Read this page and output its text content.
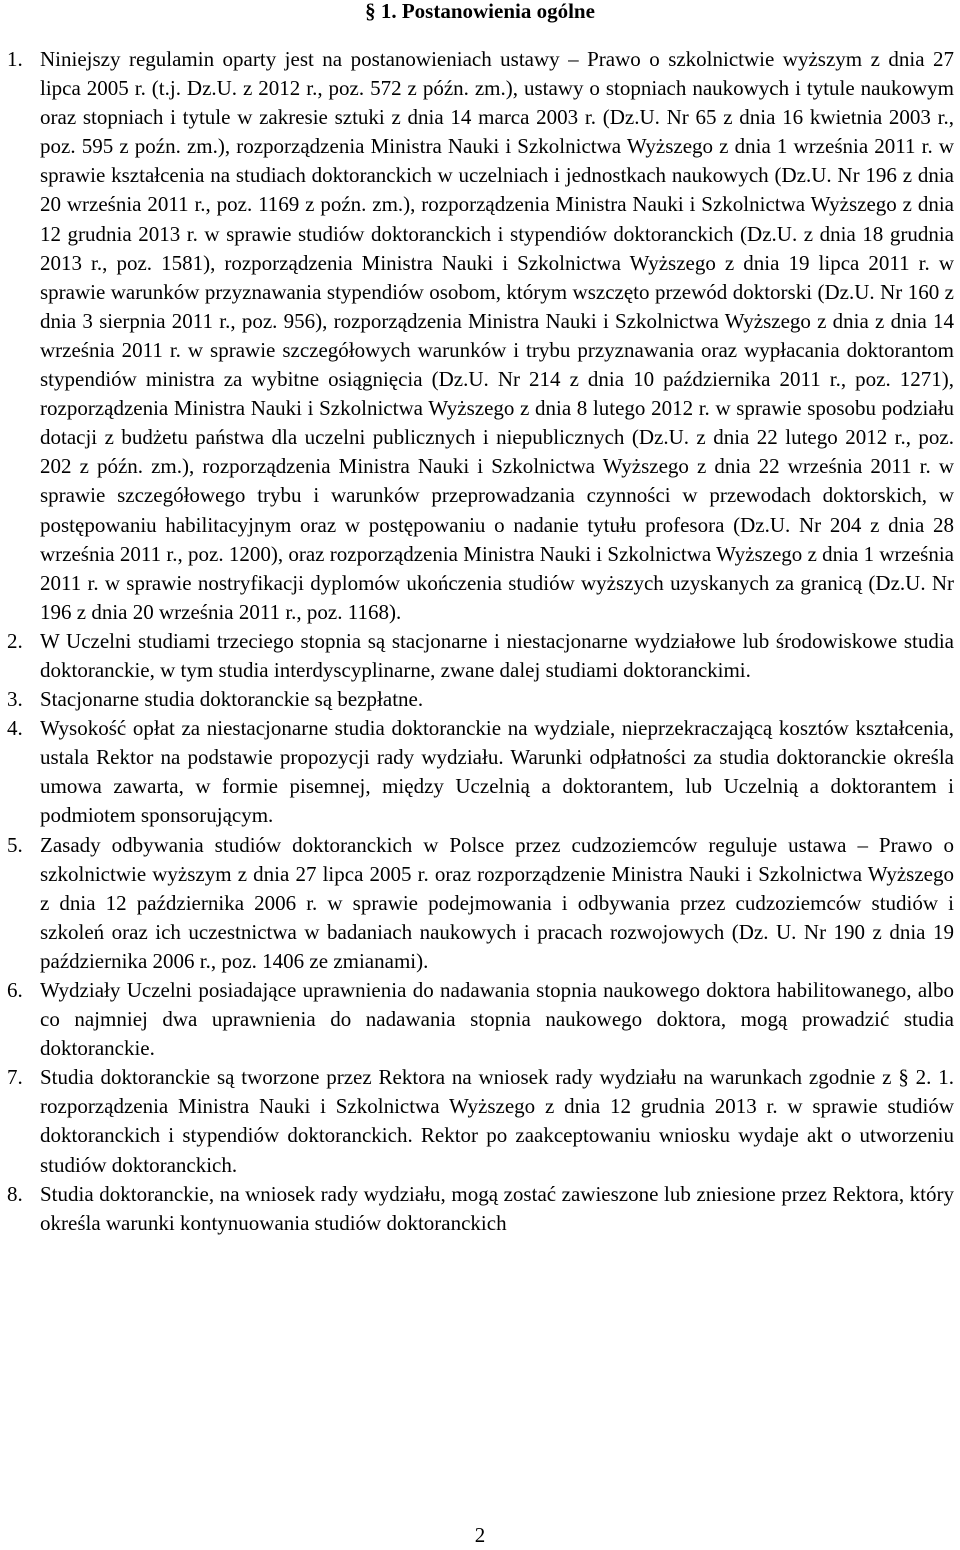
§ 1. Postanowienia ogólne
1. Niniejszy regulamin oparty jest na postanowieniach ustawy – Prawo o szkolnictwie wyższym z dnia 27 lipca 2005 r. (t.j. Dz.U. z 2012 r., poz. 572 z późn. zm.), ustawy o stopniach naukowych i tytule naukowym oraz stopniach i tytule w zakresie sztuki z dnia 14 marca 2003 r. (Dz.U. Nr 65 z dnia 16 kwietnia 2003 r., poz. 595 z poźn. zm.), rozporządzenia Ministra Nauki i Szkolnictwa Wyższego z dnia 1 września 2011 r. w sprawie kształcenia na studiach doktoranckich w uczelniach i jednostkach naukowych (Dz.U. Nr 196 z dnia 20 września 2011 r., poz. 1169 z poźn. zm.), rozporządzenia Ministra Nauki i Szkolnictwa Wyższego z dnia 12 grudnia 2013 r. w sprawie studiów doktoranckich i stypendiów doktoranckich (Dz.U. z dnia 18 grudnia 2013 r., poz. 1581), rozporządzenia Ministra Nauki i Szkolnictwa Wyższego z dnia 19 lipca 2011 r. w sprawie warunków przyznawania stypendiów osobom, którym wszczęto przewód doktorski (Dz.U. Nr 160 z dnia 3 sierpnia 2011 r., poz. 956), rozporządzenia Ministra Nauki i Szkolnictwa Wyższego z dnia z dnia 14 września 2011 r. w sprawie szczegółowych warunków i trybu przyznawania oraz wypłacania doktorantom stypendiów ministra za wybitne osiągnięcia (Dz.U. Nr 214 z dnia 10 października 2011 r., poz. 1271), rozporządzenia Ministra Nauki i Szkolnictwa Wyższego z dnia 8 lutego 2012 r. w sprawie sposobu podziału dotacji z budżetu państwa dla uczelni publicznych i niepublicznych (Dz.U. z dnia 22 lutego 2012 r., poz. 202 z późn. zm.), rozporządzenia Ministra Nauki i Szkolnictwa Wyższego z dnia 22 września 2011 r. w sprawie szczegółowego trybu i warunków przeprowadzania czynności w przewodach doktorskich, w postępowaniu habilitacyjnym oraz w postępowaniu o nadanie tytułu profesora (Dz.U. Nr 204 z dnia 28 września 2011 r., poz. 1200), oraz rozporządzenia Ministra Nauki i Szkolnictwa Wyższego z dnia 1 września 2011 r. w sprawie nostryfikacji dyplomów ukończenia studiów wyższych uzyskanych za granicą (Dz.U. Nr 196 z dnia 20 września 2011 r., poz. 1168).
2. W Uczelni studiami trzeciego stopnia są stacjonarne i niestacjonarne wydziałowe lub środowiskowe studia doktoranckie, w tym studia interdyscyplinarne, zwane dalej studiami doktoranckimi.
3. Stacjonarne studia doktoranckie są bezpłatne.
4. Wysokość opłat za niestacjonarne studia doktoranckie na wydziale, nieprzekraczającą kosztów kształcenia, ustala Rektor na podstawie propozycji rady wydziału. Warunki odpłatności za studia doktoranckie określa umowa zawarta, w formie pisemnej, między Uczelnią a doktorantem, lub Uczelnią a doktorantem i podmiotem sponsorującym.
5. Zasady odbywania studiów doktoranckich w Polsce przez cudzoziemców reguluje ustawa – Prawo o szkolnictwie wyższym z dnia 27 lipca 2005 r. oraz rozporządzenie Ministra Nauki i Szkolnictwa Wyższego z dnia 12 października 2006 r. w sprawie podejmowania i odbywania przez cudzoziemców studiów i szkoleń oraz ich uczestnictwa w badaniach naukowych i pracach rozwojowych (Dz. U. Nr 190 z dnia 19 października 2006 r., poz. 1406 ze zmianami).
6. Wydziały Uczelni posiadające uprawnienia do nadawania stopnia naukowego doktora habilitowanego, albo co najmniej dwa uprawnienia do nadawania stopnia naukowego doktora, mogą prowadzić studia doktoranckie.
7. Studia doktoranckie są tworzone przez Rektora na wniosek rady wydziału na warunkach zgodnie z § 2. 1. rozporządzenia Ministra Nauki i Szkolnictwa Wyższego z dnia 12 grudnia 2013 r. w sprawie studiów doktoranckich i stypendiów doktoranckich. Rektor po zaakceptowaniu wniosku wydaje akt o utworzeniu studiów doktoranckich.
8. Studia doktoranckie, na wniosek rady wydziału, mogą zostać zawieszone lub zniesione przez Rektora, który określa warunki kontynuowania studiów doktoranckich
2
